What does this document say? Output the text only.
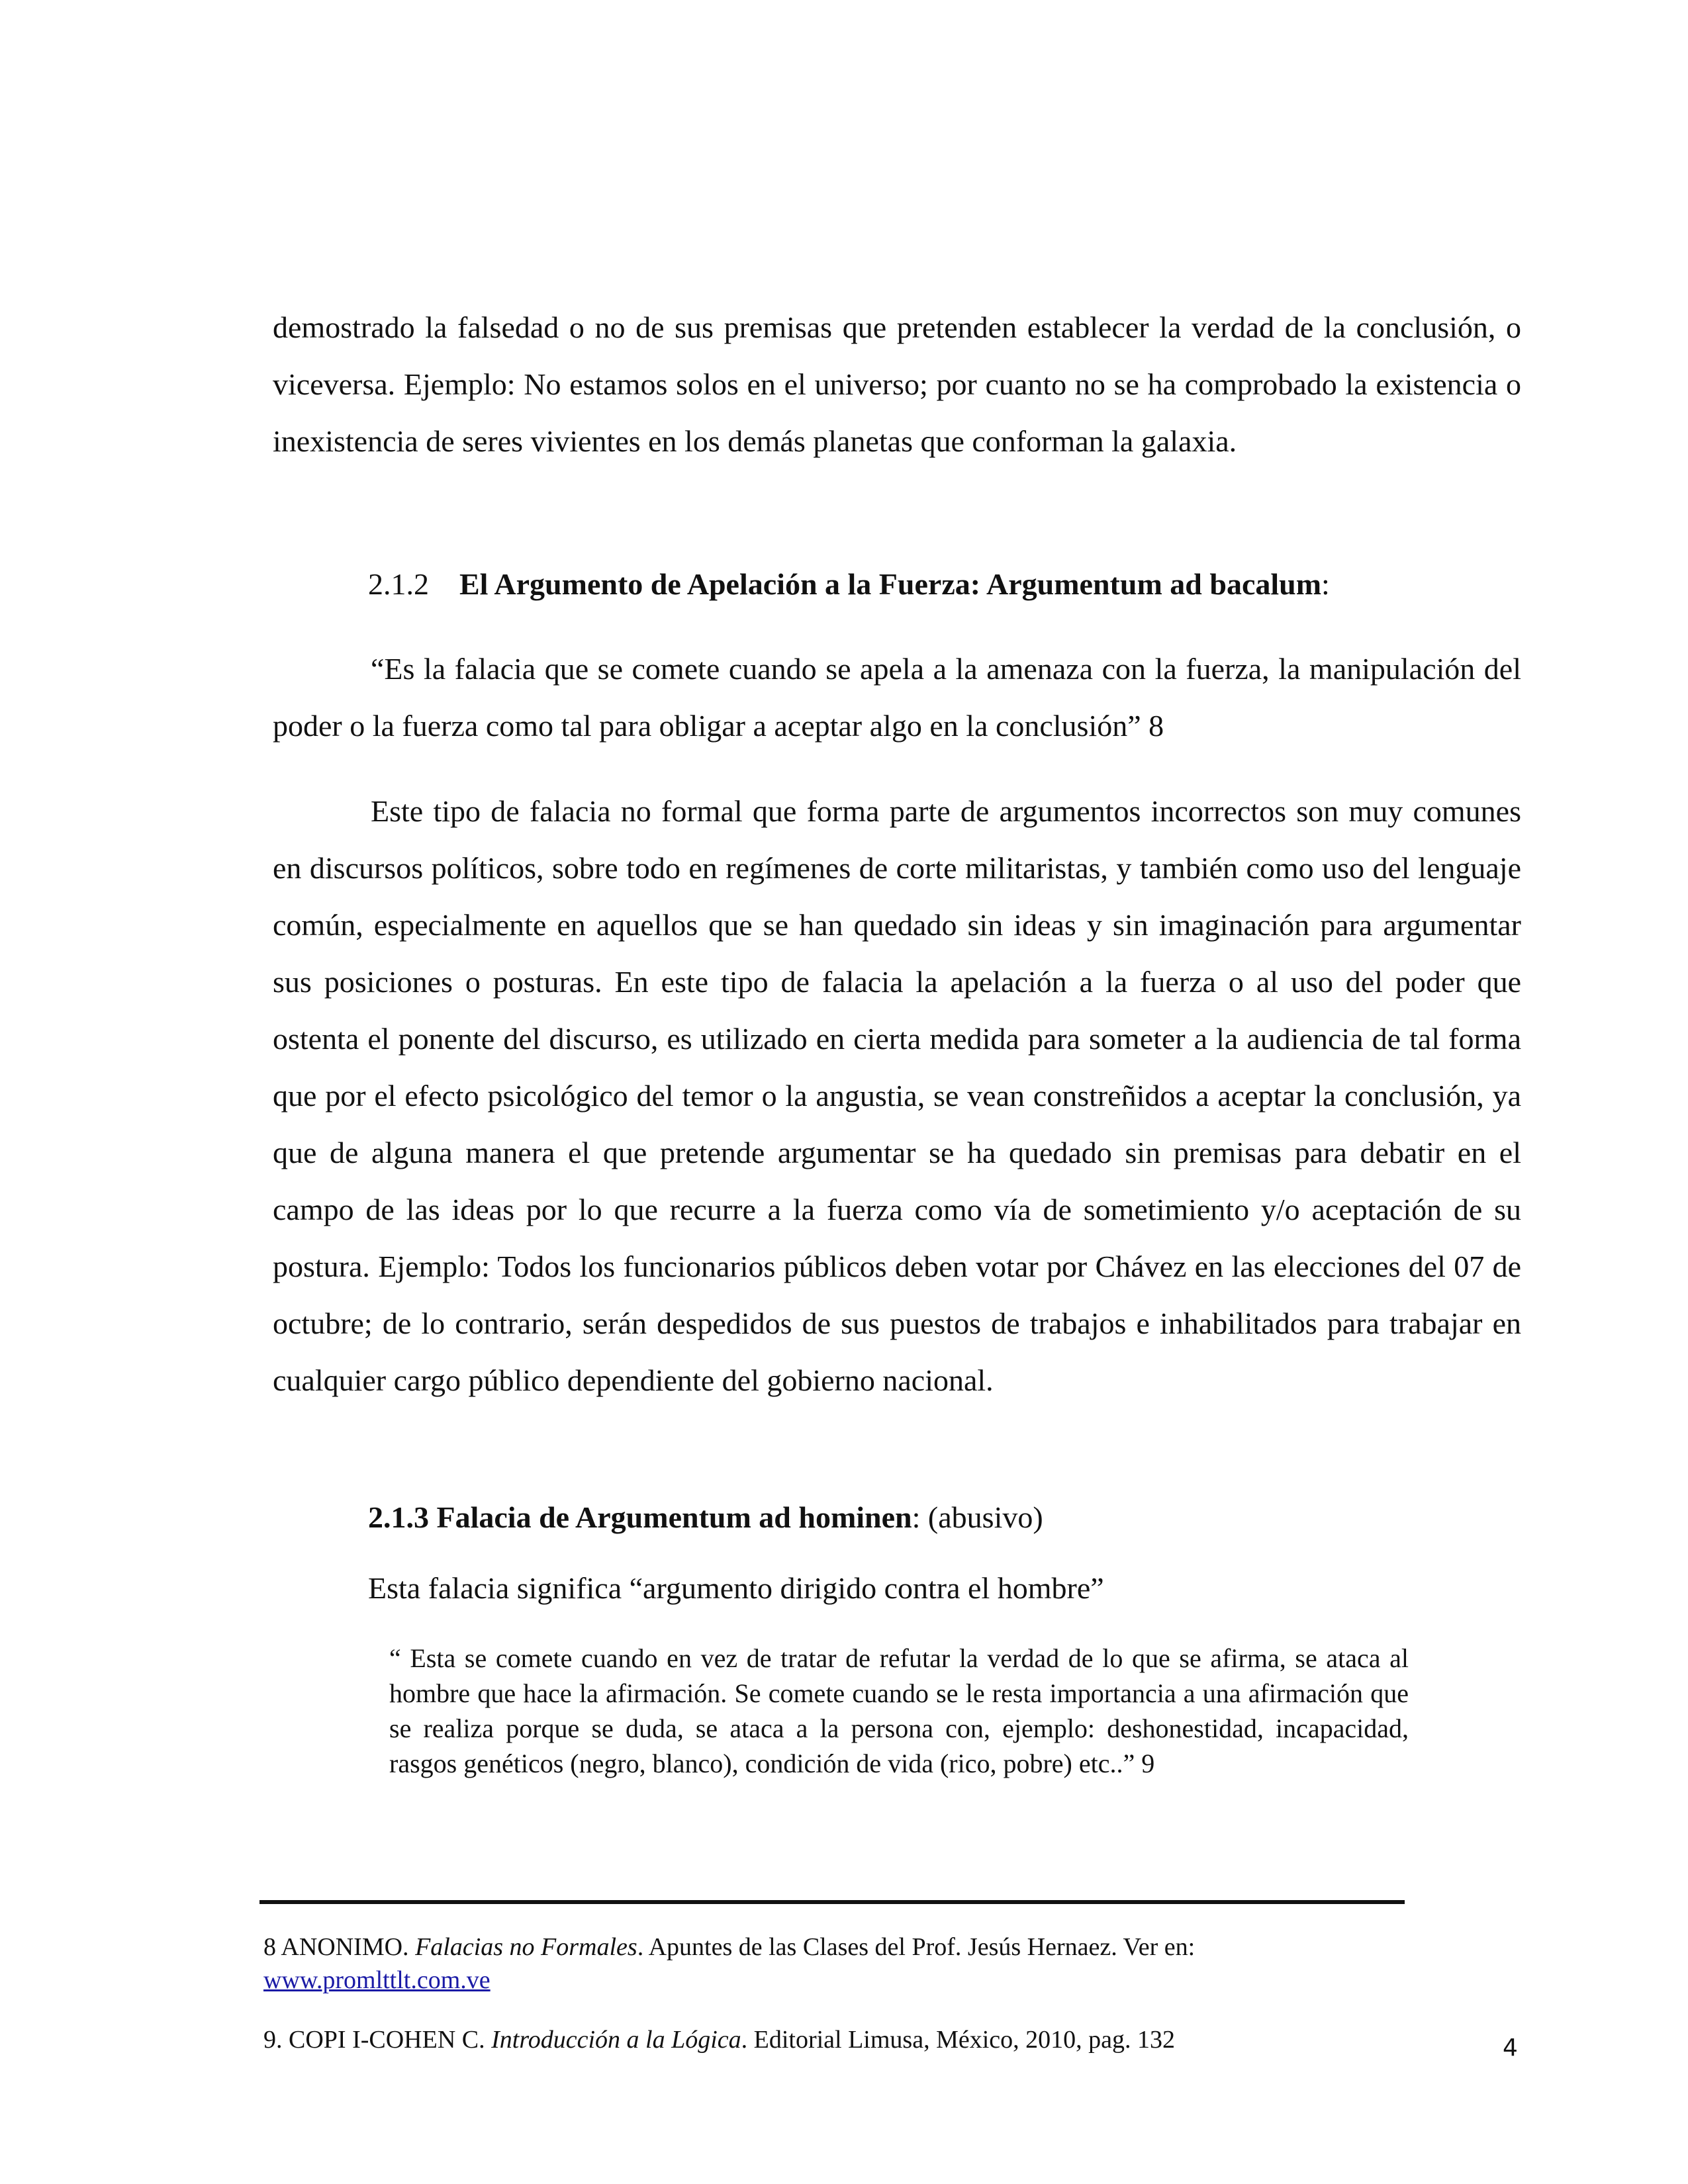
demostrado la falsedad o no de sus premisas que pretenden establecer la verdad de la conclusión, o viceversa. Ejemplo: No estamos solos en el universo; por cuanto no se ha comprobado la existencia o inexistencia de seres vivientes en los demás planetas que conforman la galaxia.

2.1.2 El Argumento de Apelación a la Fuerza: Argumentum ad bacalum:

“Es la falacia que se comete cuando se apela a la amenaza con la fuerza, la manipulación del poder o la fuerza como tal para obligar a aceptar algo en la conclusión” 8

Este tipo de falacia no formal que forma parte de argumentos incorrectos son muy comunes en discursos políticos, sobre todo en regímenes de corte militaristas, y también como uso del lenguaje común, especialmente en aquellos que se han quedado sin ideas y sin imaginación para argumentar sus posiciones o posturas. En este tipo de falacia la apelación a la fuerza o al uso del poder que ostenta el ponente del discurso, es utilizado en cierta medida para someter a la audiencia de tal forma que por el efecto psicológico del temor o la angustia, se vean constreñidos a aceptar la conclusión, ya que de alguna manera el que pretende argumentar se ha quedado sin premisas para debatir en el campo de las ideas por lo que recurre a la fuerza como vía de sometimiento y/o aceptación de su postura. Ejemplo: Todos los funcionarios públicos deben votar por Chávez en las elecciones del 07 de octubre; de lo contrario, serán despedidos de sus puestos de trabajos e inhabilitados para trabajar en cualquier cargo público dependiente del gobierno nacional.

2.1.3 Falacia de Argumentum ad hominen: (abusivo)
Esta falacia significa “argumento dirigido contra el hombre”

“ Esta se comete cuando en vez de tratar de refutar la verdad de lo que se afirma, se ataca al hombre que hace la afirmación. Se comete cuando se le resta importancia a una afirmación que se realiza porque se duda, se ataca a la persona con, ejemplo: deshonestidad, incapacidad, rasgos genéticos (negro, blanco), condición de vida (rico, pobre) etc..” 9

8 ANONIMO. Falacias no Formales. Apuntes de las Clases del Prof. Jesús Hernaez. Ver en:
www.promlttlt.com.ve
9. COPI I-COHEN C. Introducción a la Lógica. Editorial Limusa, México, 2010, pag. 132	4
